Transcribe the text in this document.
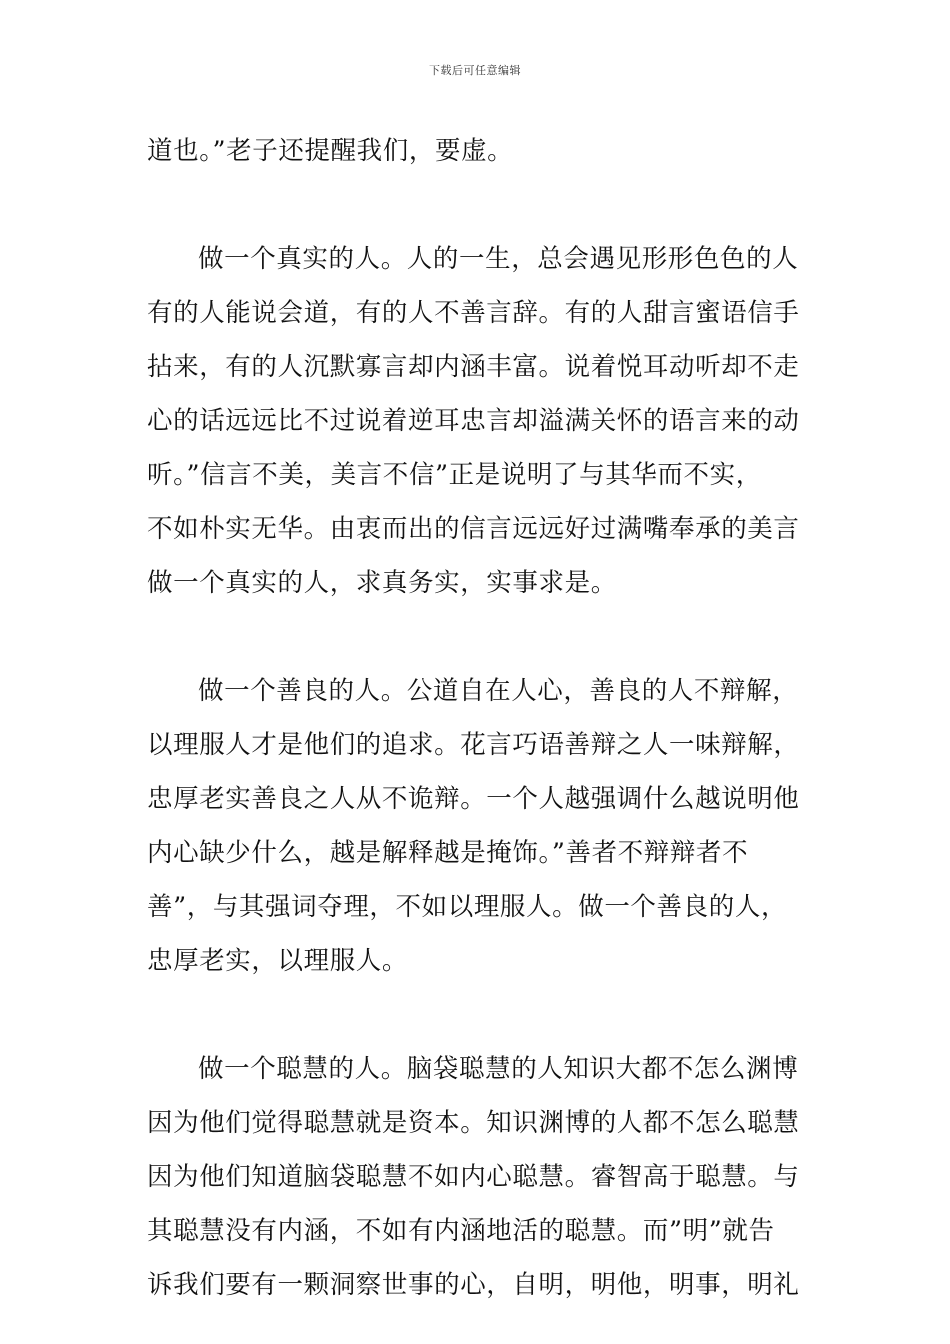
下载后可任意编辑
道也。”老子还提醒我们，要虚。
做一个真实的人。人的一生，总会遇见形形色色的人
有的人能说会道，有的人不善言辞。有的人甜言蜜语信手
拈来，有的人沉默寡言却内涵丰富。说着悦耳动听却不走
心的话远远比不过说着逆耳忠言却溢满关怀的语言来的动
听。”信言不美，美言不信”正是说明了与其华而不实，
不如朴实无华。由衷而出的信言远远好过满嘴奉承的美言
做一个真实的人，求真务实，实事求是。
做一个善良的人。公道自在人心，善良的人不辩解，
以理服人才是他们的追求。花言巧语善辩之人一味辩解，
忠厚老实善良之人从不诡辩。一个人越强调什么越说明他
内心缺少什么，越是解释越是掩饰。”善者不辩辩者不
善”，与其强词夺理，不如以理服人。做一个善良的人，
忠厚老实，以理服人。
做一个聪慧的人。脑袋聪慧的人知识大都不怎么渊博
因为他们觉得聪慧就是资本。知识渊博的人都不怎么聪慧
因为他们知道脑袋聪慧不如内心聪慧。睿智高于聪慧。与
其聪慧没有内涵，不如有内涵地活的聪慧。而”明”就告
诉我们要有一颗洞察世事的心，自明，明他，明事，明礼
